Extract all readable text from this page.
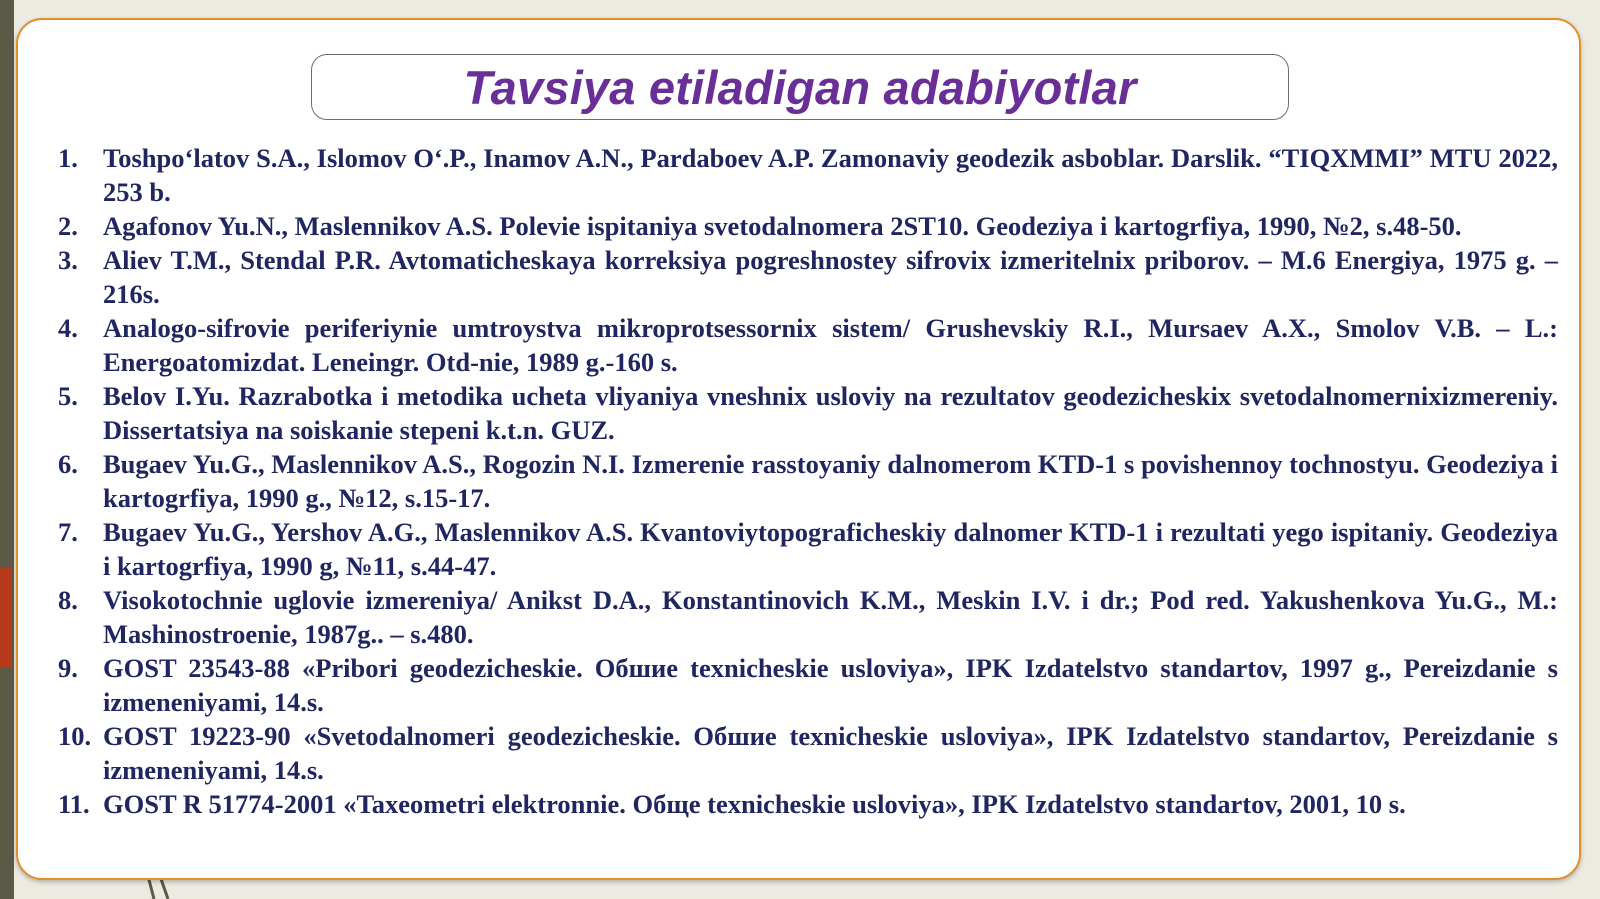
Tavsiya etiladigan adabiyotlar
1. Toshpo‘latov S.A., Islomov O‘.P., Inamov A.N., Pardaboev A.P. Zamonaviy geodezik asboblar. Darslik. “TIQXMMI” MTU 2022, 253 b.
2. Agafonov Yu.N., Maslennikov A.S. Polevie ispitaniya svetodalnomera 2ST10. Geodeziya i kartogrfiya, 1990, №2, s.48-50.
3. Aliev T.M., Stendal P.R. Avtomaticheskaya korreksiya pogreshnostey sifrovix izmeritelnix priborov. – M.6 Energiya, 1975 g. – 216s.
4. Analogo-sifrovie periferiynie umtroystva mikroprotsessornix sistem/ Grushevskiy R.I., Mursaev A.X., Smolov V.B. – L.: Energoatomizdat. Leneingr. Otd-nie, 1989 g.-160 s.
5. Belov I.Yu. Razrabotka i metodika ucheta vliyaniya vneshnix usloviy na rezultatov geodezicheskix svetodalnomernixizmereniy. Dissertatsiya na soiskanie stepeni k.t.n. GUZ.
6. Bugaev Yu.G., Maslennikov A.S., Rogozin N.I. Izmerenie rasstoyaniy dalnomerom KTD-1 s povishennoy tochnostyu. Geodeziya i kartogrfiya, 1990 g., №12, s.15-17.
7. Bugaev Yu.G., Yershov A.G., Maslennikov A.S. Kvantoviytopograficheskiy dalnomer KTD-1 i rezultati yego ispitaniy. Geodeziya i kartogrfiya, 1990 g, №11, s.44-47.
8. Visokotochnie uglovie izmereniya/ Anikst D.A., Konstantinovich K.M., Meskin I.V. i dr.; Pod red. Yakushenkova Yu.G., M.: Mashinostroenie, 1987g.. – s.480.
9. GOST 23543-88 «Pribori geodezicheskie. Обшие texnicheskie usloviya», IPK Izdatelstvo standartov, 1997 g., Pereizdanie s izmeneniyami, 14.s.
10. GOST 19223-90 «Svetodalnomeri geodezicheskie. Обшие texnicheskie usloviya», IPK Izdatelstvo standartov, Pereizdanie s izmeneniyami, 14.s.
11. GOST R 51774-2001 «Taxeometri elektronnie. Обще texnicheskie usloviya», IPK Izdatelstvo standartov, 2001, 10 s.
